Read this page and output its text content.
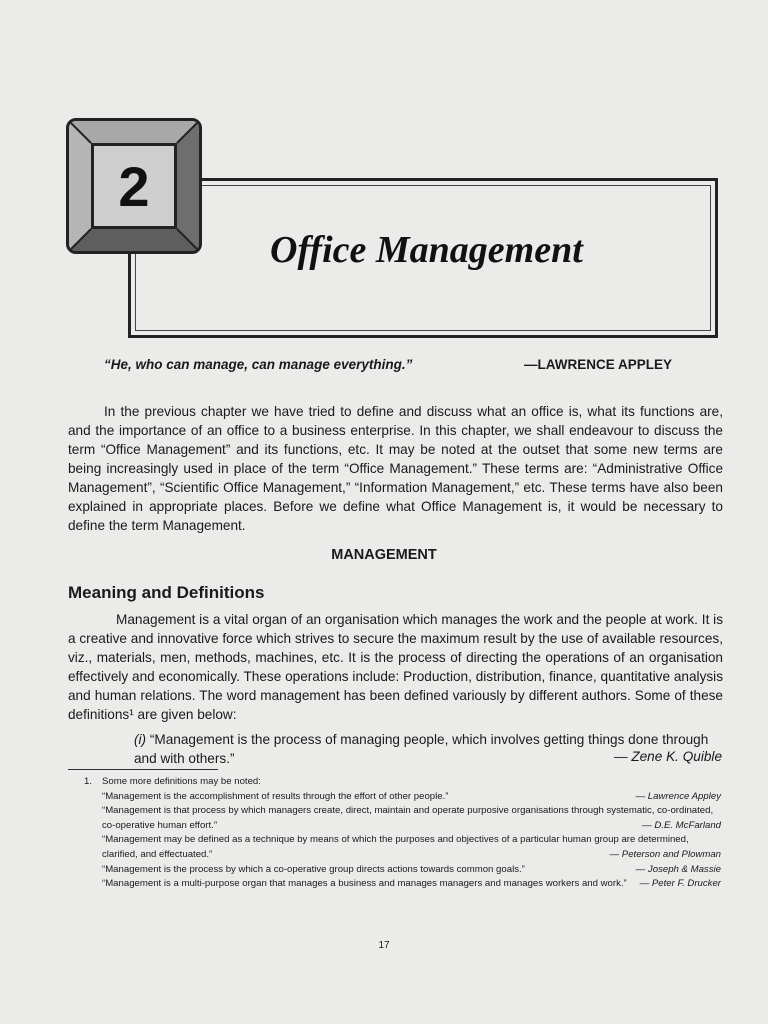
2
Office Management
“He, who can manage, can manage everything.”	—LAWRENCE APPLEY
In the previous chapter we have tried to define and discuss what an office is, what its functions are, and the importance of an office to a business enterprise. In this chapter, we shall endeavour to discuss the term “Office Management” and its functions, etc. It may be noted at the outset that some new terms are being increasingly used in place of the term “Office Management.” These terms are: “Administrative Office Management”, “Scientific Office Management,” “Information Management,” etc. These terms have also been explained in appropriate places. Before we define what Office Management is, it would be necessary to define the term Management.
MANAGEMENT
Meaning and Definitions
Management is a vital organ of an organisation which manages the work and the people at work. It is a creative and innovative force which strives to secure the maximum result by the use of available resources, viz., materials, men, methods, machines, etc. It is the process of directing the operations of an organisation effectively and economically. These operations include: Production, distribution, finance, quantitative analysis and human relations. The word management has been defined variously by different authors. Some of these definitions¹ are given below:
(i) “Management is the process of managing people, which involves getting things done through and with others.”	— Zene K. Quible
1. Some more definitions may be noted:
“Management is the accomplishment of results through the effort of other people.”	— Lawrence Appley
“Management is that process by which managers create, direct, maintain and operate purposive organisations through systematic, co-ordinated, co-operative human effort.”	— D.E. McFarland
“Management may be defined as a technique by means of which the purposes and objectives of a particular human group are determined, clarified, and effectuated.”	— Peterson and Plowman
“Management is the process by which a co-operative group directs actions towards common goals.”	— Joseph & Massie
“Management is a multi-purpose organ that manages a business and manages managers and manages workers and work.”	— Peter F. Drucker
17
